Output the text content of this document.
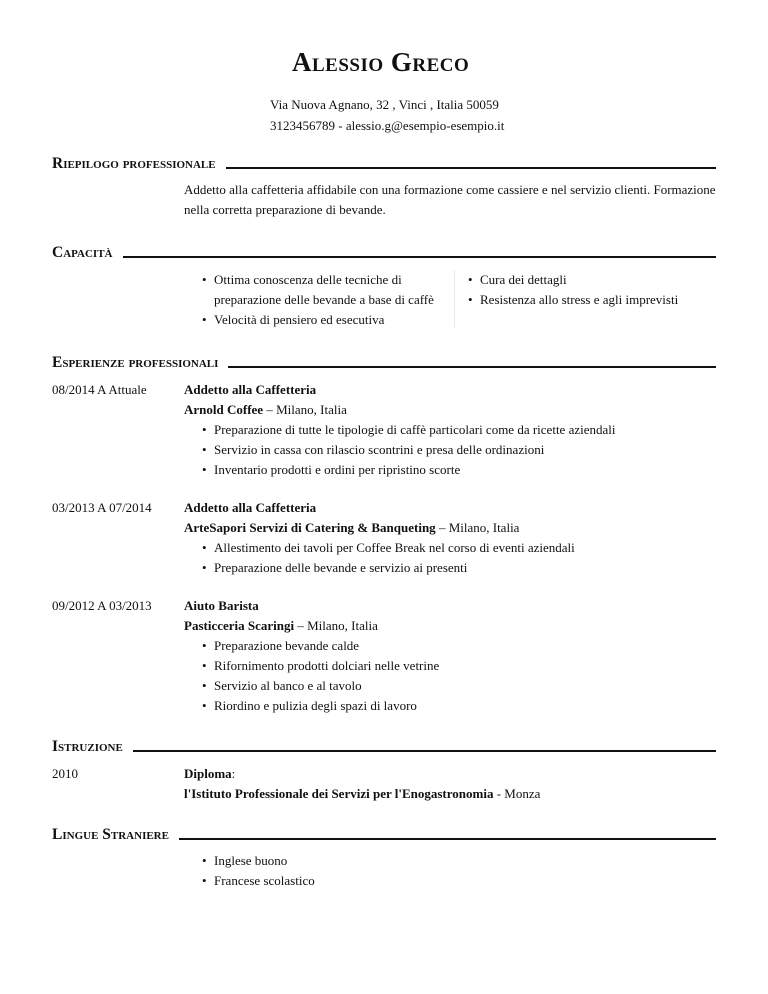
Alessio Greco
Via Nuova Agnano, 32 , Vinci , Italia 50059
3123456789 - alessio.g@esempio-esempio.it
Riepilogo professionale
Addetto alla caffetteria affidabile con una formazione come cassiere e nel servizio clienti. Formazione nella corretta preparazione di bevande.
Capacità
• Ottima conoscenza delle tecniche di preparazione delle bevande a base di caffè
• Velocità di pensiero ed esecutiva
• Cura dei dettagli
• Resistenza allo stress e agli imprevisti
Esperienze professionali
08/2014 A Attuale	Addetto alla Caffetteria
Arnold Coffee – Milano, Italia
• Preparazione di tutte le tipologie di caffè particolari come da ricette aziendali
• Servizio in cassa con rilascio scontrini e presa delle ordinazioni
• Inventario prodotti e ordini per ripristino scorte
03/2013 A 07/2014 Addetto alla Caffetteria
ArteSapori Servizi di Catering & Banqueting – Milano, Italia
• Allestimento dei tavoli per Coffee Break nel corso di eventi aziendali
• Preparazione delle bevande e servizio ai presenti
09/2012 A 03/2013 Aiuto Barista
Pasticceria Scaringi – Milano, Italia
• Preparazione bevande calde
• Rifornimento prodotti dolciari nelle vetrine
• Servizio al banco e al tavolo
• Riordino e pulizia degli spazi di lavoro
Istruzione
2010	Diploma:
l'Istituto Professionale dei Servizi per l'Enogastronomia - Monza
Lingue Straniere
• Inglese buono
• Francese scolastico
